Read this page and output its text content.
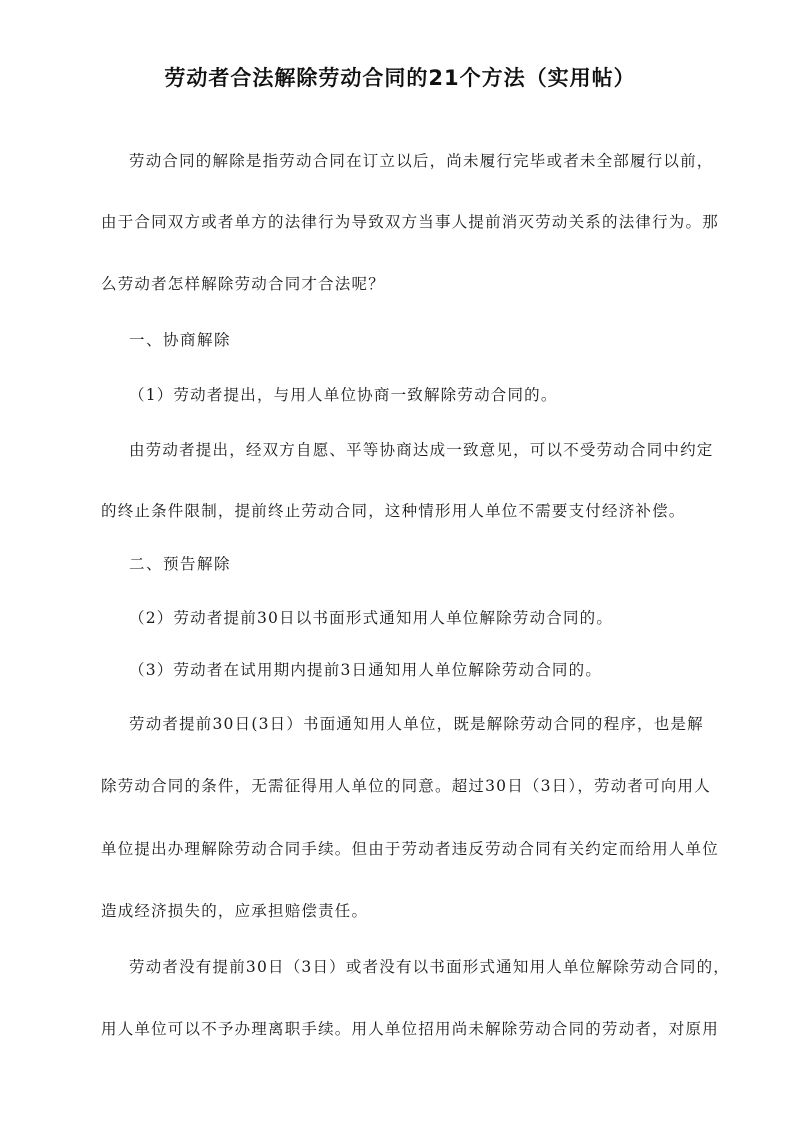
劳动者合法解除劳动合同的21个方法（实用帖）

劳动合同的解除是指劳动合同在订立以后，尚未履行完毕或者未全部履行以前，

由于合同双方或者单方的法律行为导致双方当事人提前消灭劳动关系的法律行为。那

么劳动者怎样解除劳动合同才合法呢？

一、协商解除

（1）劳动者提出，与用人单位协商一致解除劳动合同的。

由劳动者提出，经双方自愿、平等协商达成一致意见，可以不受劳动合同中约定

的终止条件限制，提前终止劳动合同，这种情形用人单位不需要支付经济补偿。

二、预告解除

（2）劳动者提前30日以书面形式通知用人单位解除劳动合同的。

（3）劳动者在试用期内提前3日通知用人单位解除劳动合同的。

劳动者提前30日(3日）书面通知用人单位，既是解除劳动合同的程序，也是解

除劳动合同的条件，无需征得用人单位的同意。超过30日（3日），劳动者可向用人

单位提出办理解除劳动合同手续。但由于劳动者违反劳动合同有关约定而给用人单位

造成经济损失的，应承担赔偿责任。

劳动者没有提前30日（3日）或者没有以书面形式通知用人单位解除劳动合同的，

用人单位可以不予办理离职手续。用人单位招用尚未解除劳动合同的劳动者，对原用
